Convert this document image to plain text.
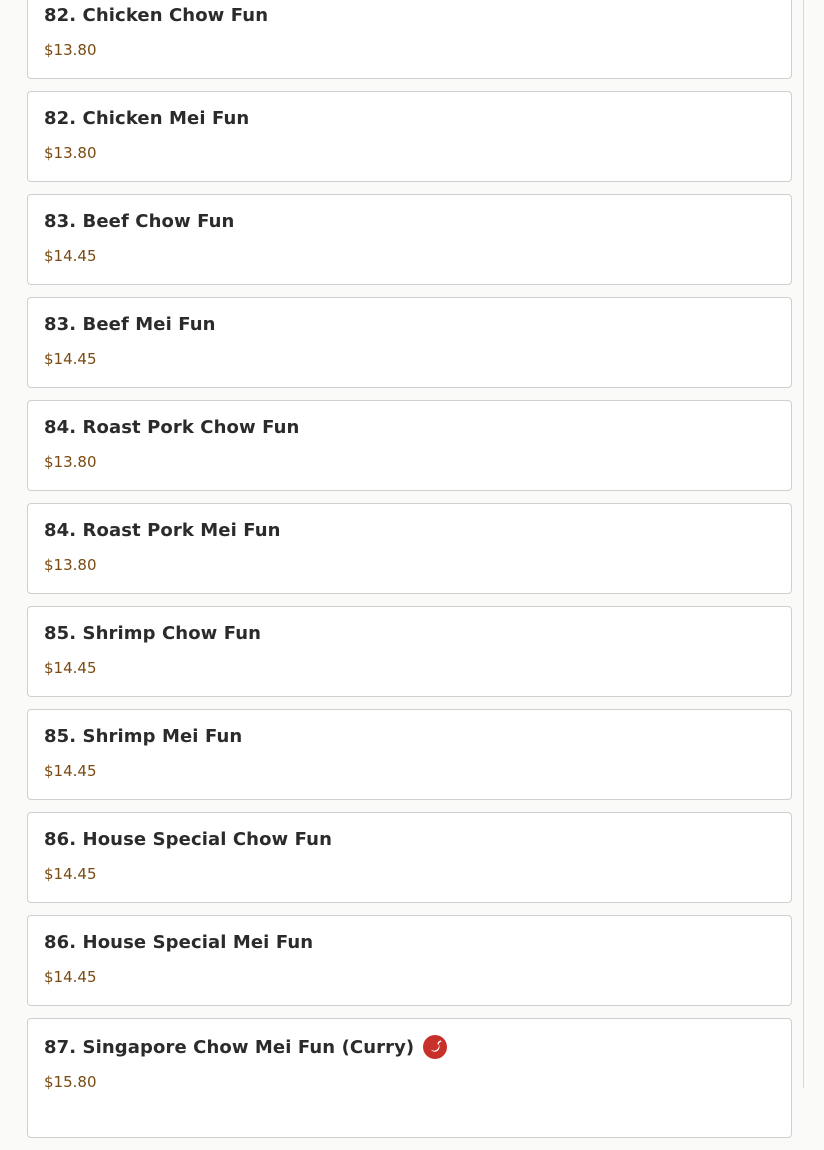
82. Chicken Chow Fun
$13.80
82. Chicken Mei Fun
$13.80
83. Beef Chow Fun
$14.45
83. Beef Mei Fun
$14.45
84. Roast Pork Chow Fun
$13.80
84. Roast Pork Mei Fun
$13.80
85. Shrimp Chow Fun
$14.45
85. Shrimp Mei Fun
$14.45
86. House Special Chow Fun
$14.45
86. House Special Mei Fun
$14.45
87. Singapore Chow Mei Fun (Curry)
$15.80
